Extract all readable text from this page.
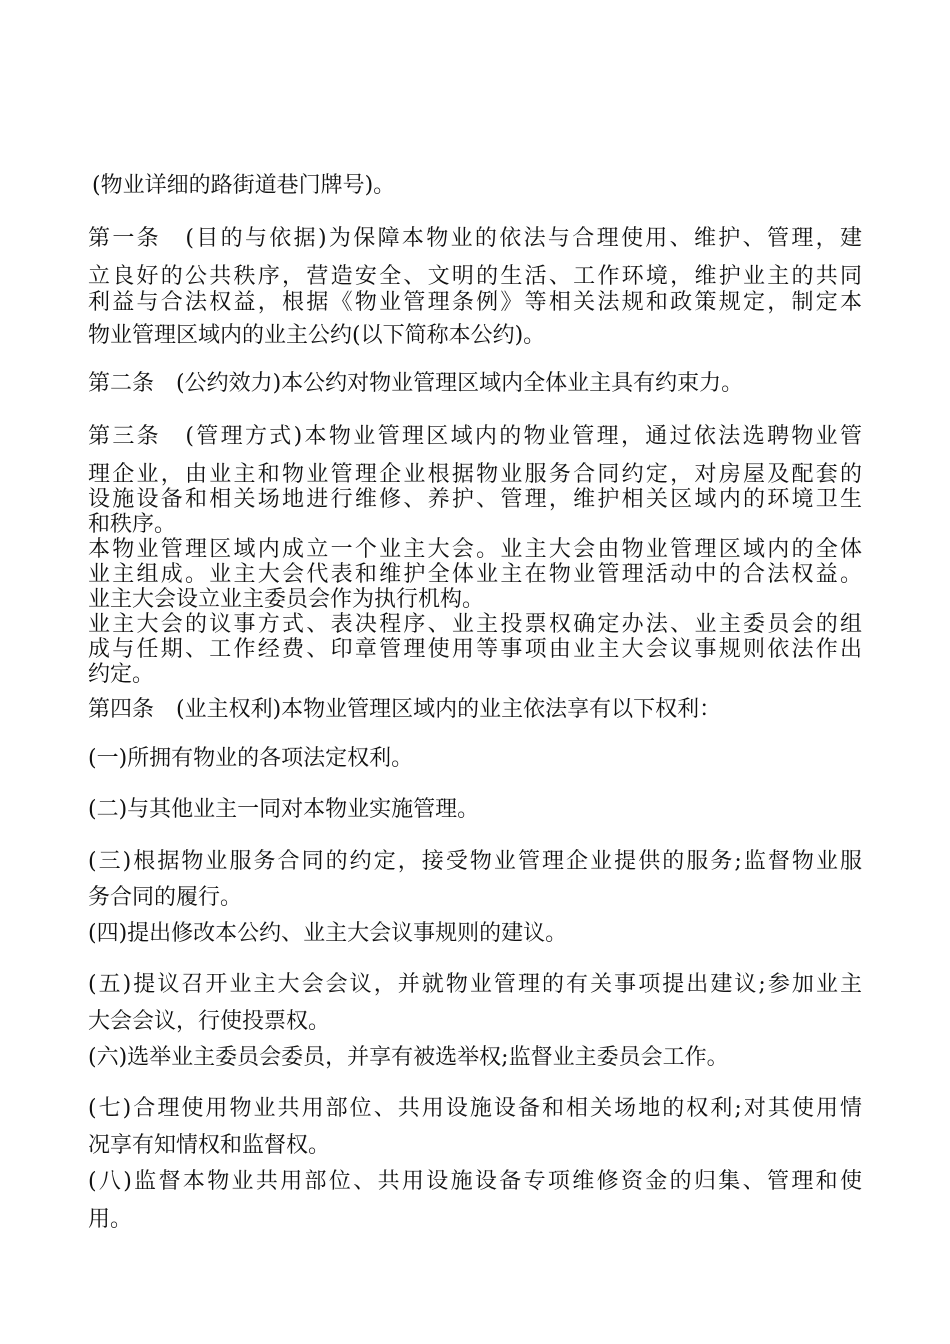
(物业详细的路街道巷门牌号)。
第一条　(目的与依据)为保障本物业的依法与合理使用、维护、管理，建
立良好的公共秩序，营造安全、文明的生活、工作环境，维护业主的共同
利益与合法权益，根据《物业管理条例》等相关法规和政策规定，制定本
物业管理区域内的业主公约(以下简称本公约)。
第二条　(公约效力)本公约对物业管理区域内全体业主具有约束力。
第三条　(管理方式)本物业管理区域内的物业管理，通过依法选聘物业管
理企业，由业主和物业管理企业根据物业服务合同约定，对房屋及配套的
设施设备和相关场地进行维修、养护、管理，维护相关区域内的环境卫生
和秩序。
本物业管理区域内成立一个业主大会。业主大会由物业管理区域内的全体
业主组成。业主大会代表和维护全体业主在物业管理活动中的合法权益。
业主大会设立业主委员会作为执行机构。
业主大会的议事方式、表决程序、业主投票权确定办法、业主委员会的组
成与任期、工作经费、印章管理使用等事项由业主大会议事规则依法作出
约定。
第四条　(业主权利)本物业管理区域内的业主依法享有以下权利：
(一)所拥有物业的各项法定权利。
(二)与其他业主一同对本物业实施管理。
(三)根据物业服务合同的约定，接受物业管理企业提供的服务;监督物业服
务合同的履行。
(四)提出修改本公约、业主大会议事规则的建议。
(五)提议召开业主大会会议，并就物业管理的有关事项提出建议;参加业主
大会会议，行使投票权。
(六)选举业主委员会委员，并享有被选举权;监督业主委员会工作。
(七)合理使用物业共用部位、共用设施设备和相关场地的权利;对其使用情
况享有知情权和监督权。
(八)监督本物业共用部位、共用设施设备专项维修资金的归集、管理和使
用。
